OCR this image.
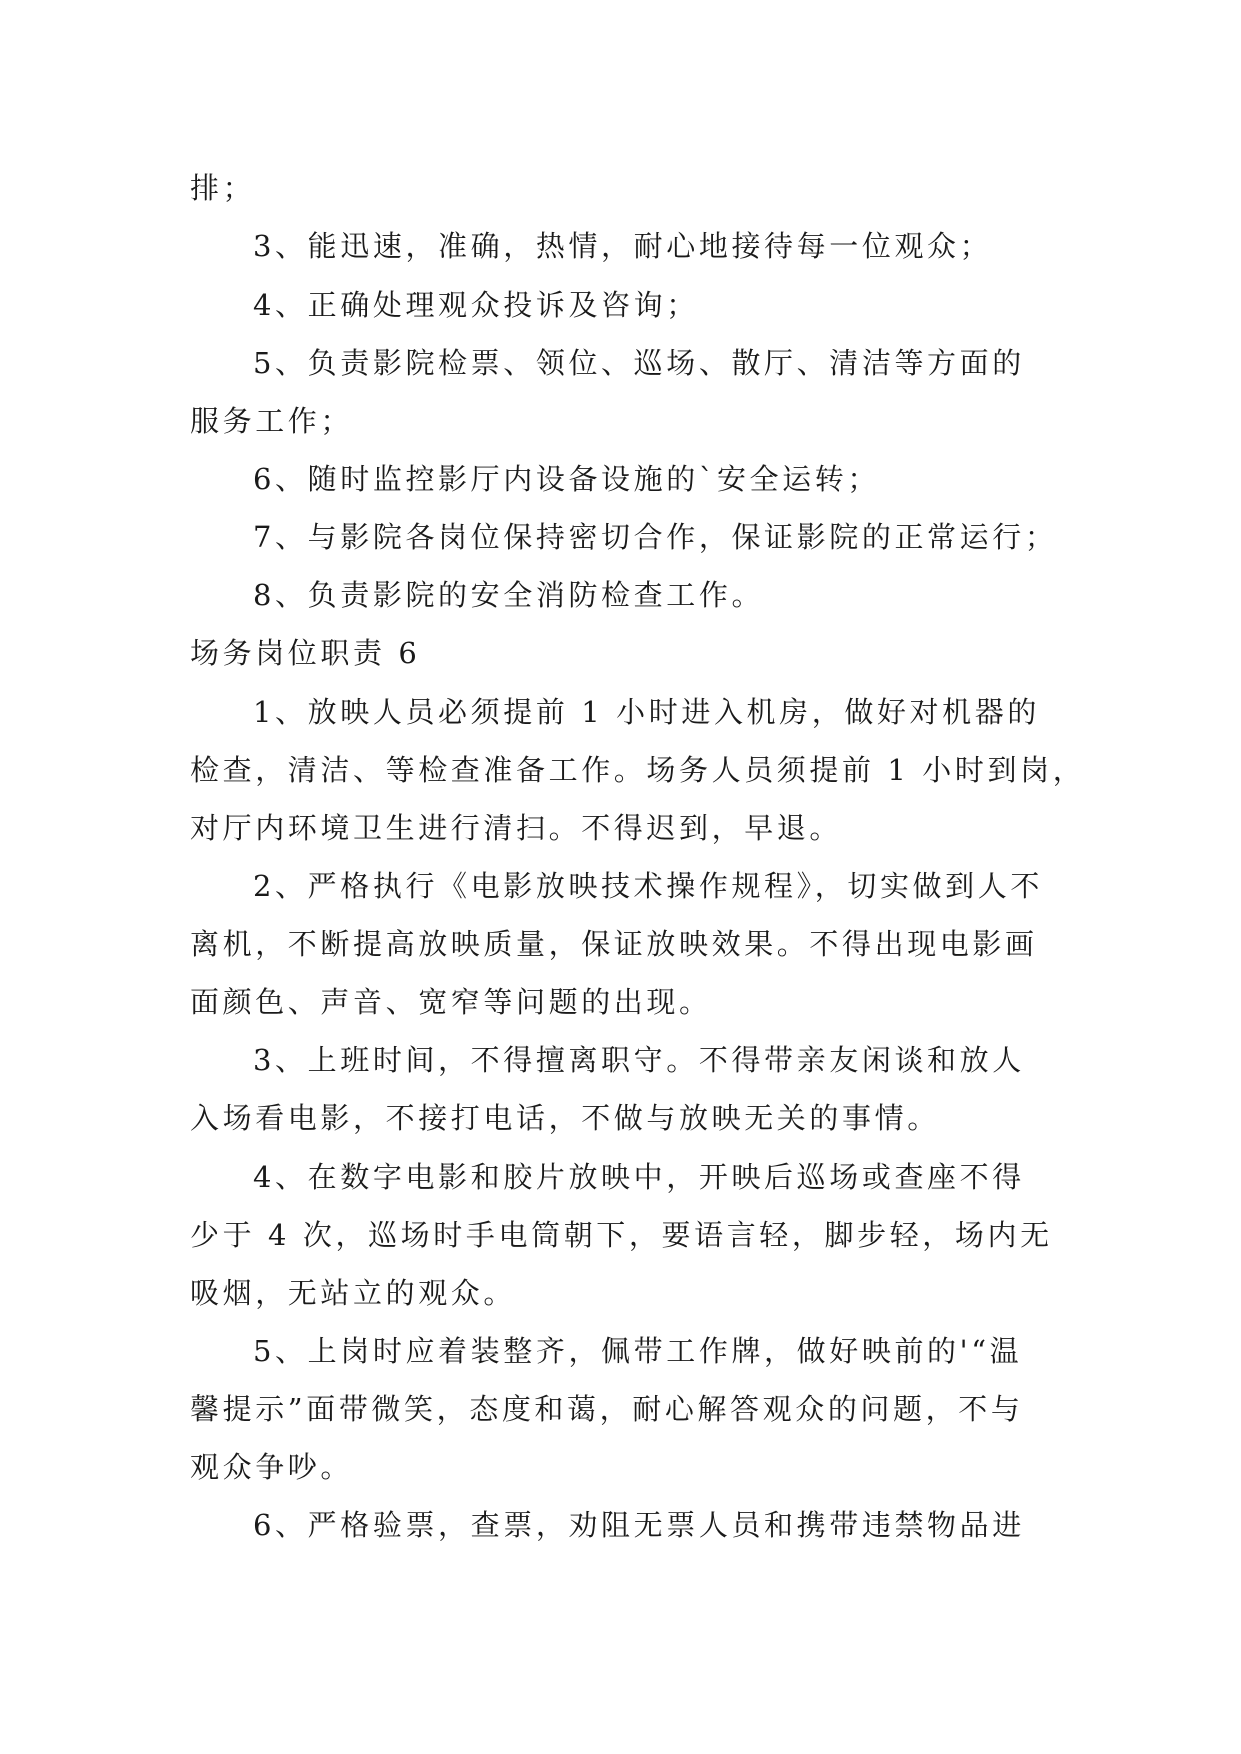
排；
3、能迅速，准确，热情，耐心地接待每一位观众；
4、正确处理观众投诉及咨询；
5、负责影院检票、领位、巡场、散厅、清洁等方面的
服务工作；
6、随时监控影厅内设备设施的`安全运转；
7、与影院各岗位保持密切合作，保证影院的正常运行；
8、负责影院的安全消防检查工作。
场务岗位职责 6
1、放映人员必须提前 1 小时进入机房，做好对机器的
检查，清洁、等检查准备工作。场务人员须提前 1 小时到岗，
对厅内环境卫生进行清扫。不得迟到，早退。
2、严格执行《电影放映技术操作规程》，切实做到人不
离机，不断提高放映质量，保证放映效果。不得出现电影画
面颜色、声音、宽窄等问题的出现。
3、上班时间，不得擅离职守。不得带亲友闲谈和放人
入场看电影，不接打电话，不做与放映无关的事情。
4、在数字电影和胶片放映中，开映后巡场或查座不得
少于 4 次，巡场时手电筒朝下，要语言轻，脚步轻，场内无
吸烟，无站立的观众。
5、上岗时应着装整齐，佩带工作牌，做好映前的'“温
馨提示”面带微笑，态度和蔼，耐心解答观众的问题，不与
观众争吵。
6、严格验票，查票，劝阻无票人员和携带违禁物品进
